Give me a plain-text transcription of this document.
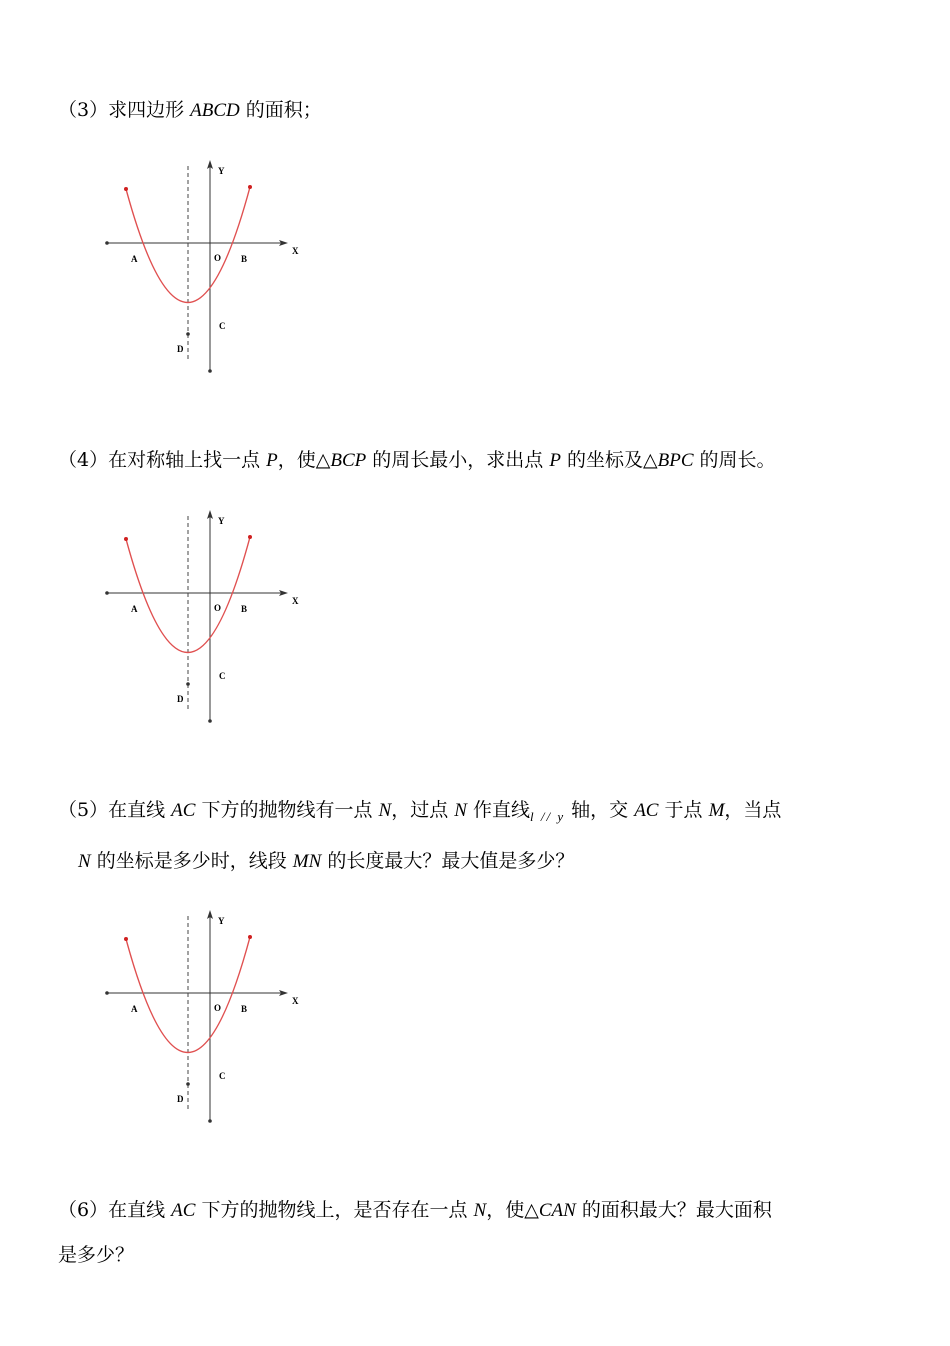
（3）求四边形 ABCD 的面积；
Y
X
O
A	B
C
D
（4）在对称轴上找一点 P，使△BCP 的周长最小，求出点 P 的坐标及△BPC 的周长。
Y
X
O
A	B
C
D
（5）在直线 AC 下方的抛物线有一点 N，过点 N 作直线$_{l // y}$ 轴，交 AC 于点 M，当点
N 的坐标是多少时，线段 MN 的长度最大？最大值是多少？
Y
X
O
A	B
C
D
（6）在直线 AC 下方的抛物线上，是否存在一点 N，使△CAN 的面积最大？最大面积
是多少？
